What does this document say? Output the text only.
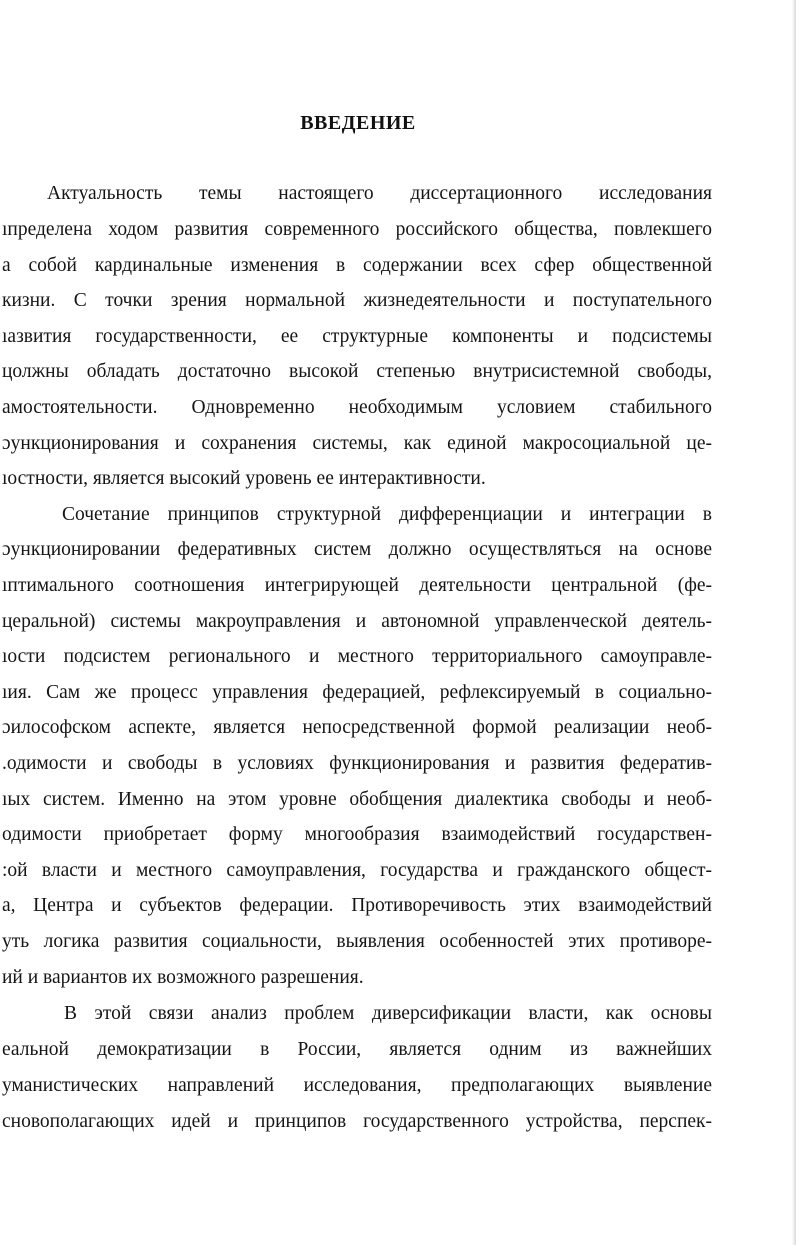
ВВЕДЕНИЕ
Актуальность темы настоящего диссертационного исследования
ıпределена ходом развития современного российского общества, повлекшего
а собой кардинальные изменения в содержании всех сфер общественной
кизни. С точки зрения нормальной жизнедеятельности и поступательного
ıазвития государственности, ее структурные компоненты и подсистемы
цолжны обладать достаточно высокой степенью внутрисистемной свободы,
амостоятельности. Одновременно необходимым условием стабильного
ɔункционирования и сохранения системы, как единой макросоциальной це-
ıостности, является высокий уровень ее интерактивности.
Сочетание принципов структурной дифференциации и интеграции в
ɔункционировании федеративных систем должно осуществляться на основе
ıптимального соотношения интегрирующей деятельности центральной (фе-
церальной) системы макроуправления и автономной управленческой деятель-
ıости подсистем регионального и местного территориального самоуправле-
ıия. Сам же процесс управления федерацией, рефлексируемый в социально-
ɔилософском аспекте, является непосредственной формой реализации необ-
.одимости и свободы в условиях функционирования и развития федератив-
ıых систем. Именно на этом уровне обобщения диалектика свободы и необ-
одимости приобретает форму многообразия взаимодействий государствен-
:ой власти и местного самоуправления, государства и гражданского общест-
а, Центра и субъектов федерации. Противоречивость этих взаимодействий
уть логика развития социальности, выявления особенностей этих противоре-
ий и вариантов их возможного разрешения.
В этой связи анализ проблем диверсификации власти, как основы
еальной демократизации в России, является одним из важнейших
уманистических направлений исследования, предполагающих выявление
сновополагающих идей и принципов государственного устройства, перспек-
